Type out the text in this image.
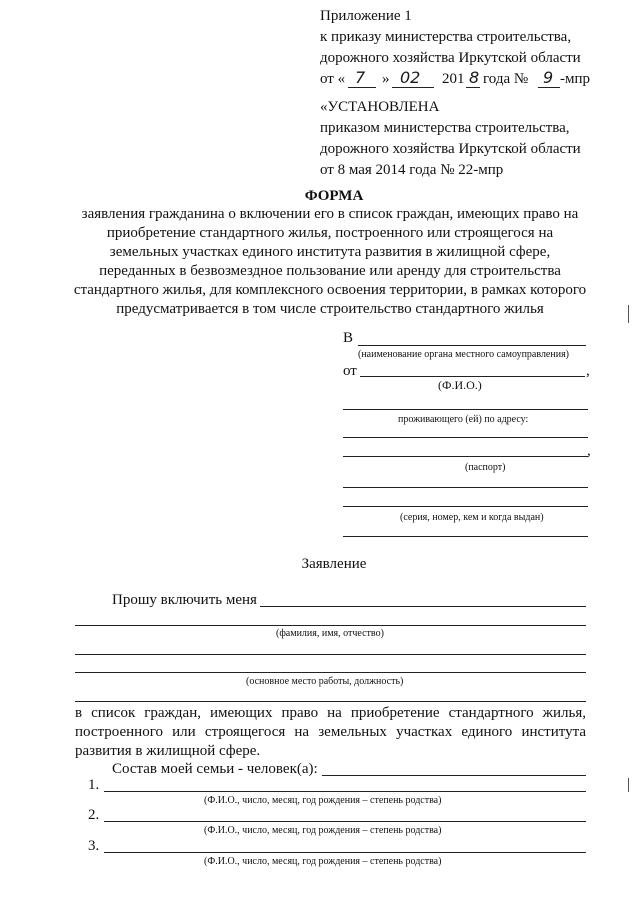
Приложение 1
к приказу министерства строительства,
дорожного хозяйства Иркутской области
от « 7 » 02 201 8 года № 9 -мпр
«УСТАНОВЛЕНА
приказом министерства строительства,
дорожного хозяйства Иркутской области
от 8 мая 2014 года № 22-мпр
ФОРМА
заявления гражданина о включении его в список граждан, имеющих право на
приобретение стандартного жилья, построенного или строящегося на
земельных участках единого института развития в жилищной сфере,
переданных в безвозмездное пользование или аренду для строительства
стандартного жилья, для комплексного освоения территории, в рамках которого
предусматривается в том числе строительство стандартного жилья
В
(наименование органа местного самоуправления)
от	,
(Ф.И.О.)
проживающего (ей) по адресу:
,
(паспорт)
(серия, номер, кем и когда выдан)
Заявление
Прошу включить меня
(фамилия, имя, отчество)
(основное место работы, должность)
в список граждан, имеющих право на приобретение стандартного жилья,
построенного или строящегося на земельных участках единого института
развития в жилищной сфере.
Состав моей семьи - человек(а):
1.
(Ф.И.О., число, месяц, год рождения – степень родства)
2.
(Ф.И.О., число, месяц, год рождения – степень родства)
3.
(Ф.И.О., число, месяц, год рождения – степень родства)
